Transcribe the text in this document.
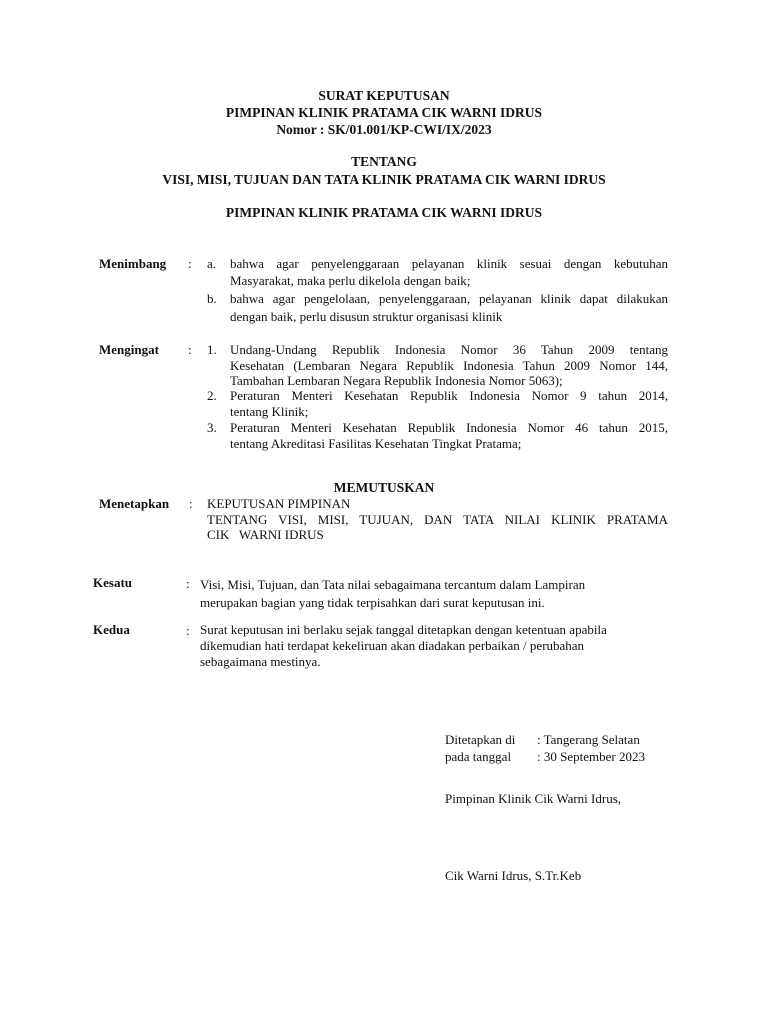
SURAT KEPUTUSAN
PIMPINAN KLINIK PRATAMA CIK WARNI IDRUS
Nomor : SK/01.001/KP-CWI/IX/2023
TENTANG
VISI, MISI, TUJUAN DAN TATA KLINIK PRATAMA CIK WARNI IDRUS
PIMPINAN KLINIK PRATAMA CIK WARNI IDRUS
Menimbang : a. bahwa agar penyelenggaraan pelayanan klinik sesuai dengan kebutuhan
Masyarakat, maka perlu dikelola dengan baik;
b. bahwa agar pengelolaan, penyelenggaraan, pelayanan klinik dapat dilakukan
dengan baik, perlu disusun struktur organisasi klinik
Mengingat : 1. Undang-Undang Republik Indonesia Nomor 36 Tahun 2009 tentang
Kesehatan (Lembaran Negara Republik Indonesia Tahun 2009 Nomor 144,
Tambahan Lembaran Negara Republik Indonesia Nomor 5063);
2. Peraturan Menteri Kesehatan Republik Indonesia Nomor 9 tahun 2014,
tentang Klinik;
3. Peraturan Menteri Kesehatan Republik Indonesia Nomor 46 tahun 2015,
tentang Akreditasi Fasilitas Kesehatan Tingkat Pratama;
MEMUTUSKAN
Menetapkan : KEPUTUSAN PIMPINAN
TENTANG VISI, MISI, TUJUAN, DAN TATA NILAI KLINIK PRATAMA
CIK   WARNI IDRUS
Kesatu	: Visi, Misi, Tujuan, dan Tata nilai sebagaimana tercantum dalam Lampiran
merupakan bagian yang tidak terpisahkan dari surat keputusan ini.
Kedua	: Surat keputusan ini berlaku sejak tanggal ditetapkan dengan ketentuan apabila
dikemudian hati terdapat kekeliruan akan diadakan perbaikan / perubahan
sebagaimana mestinya.
Ditetapkan di : Tangerang Selatan
pada tanggal : 30 September 2023
Pimpinan Klinik Cik Warni Idrus,
Cik Warni Idrus, S.Tr.Keb
